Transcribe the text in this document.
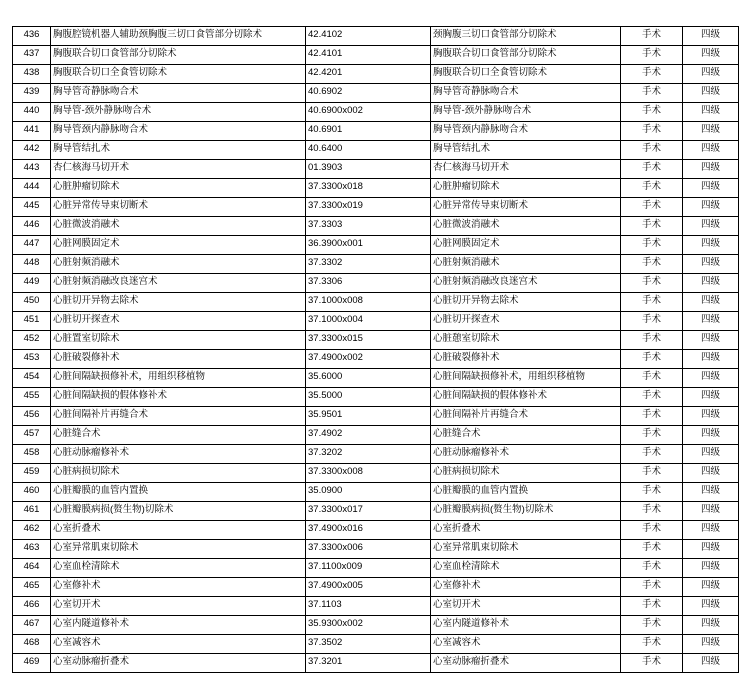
436	胸腹腔镜机器人辅助颈胸腹三切口食管部分切除术	42.4102	颈胸腹三切口食管部分切除术	手术	四级
437	胸腹联合切口食管部分切除术	42.4101	胸腹联合切口食管部分切除术	手术	四级
438	胸腹联合切口全食管切除术	42.4201	胸腹联合切口全食管切除术	手术	四级
439	胸导管奇静脉吻合术	40.6902	胸导管奇静脉吻合术	手术	四级
440	胸导管-颈外静脉吻合术	40.6900x002	胸导管-颈外静脉吻合术	手术	四级
441	胸导管颈内静脉吻合术	40.6901	胸导管颈内静脉吻合术	手术	四级
442	胸导管结扎术	40.6400	胸导管结扎术	手术	四级
443	杏仁核海马切开术	01.3903	杏仁核海马切开术	手术	四级
444	心脏肿瘤切除术	37.3300x018	心脏肿瘤切除术	手术	四级
445	心脏异常传导束切断术	37.3300x019	心脏异常传导束切断术	手术	四级
446	心脏微波消融术	37.3303	心脏微波消融术	手术	四级
447	心脏网膜固定术	36.3900x001	心脏网膜固定术	手术	四级
448	心脏射频消融术	37.3302	心脏射频消融术	手术	四级
449	心脏射频消融改良迷宫术	37.3306	心脏射频消融改良迷宫术	手术	四级
450	心脏切开异物去除术	37.1000x008	心脏切开异物去除术	手术	四级
451	心脏切开探查术	37.1000x004	心脏切开探查术	手术	四级
452	心脏置室切除术	37.3300x015	心脏憩室切除术	手术	四级
453	心脏破裂修补术	37.4900x002	心脏破裂修补术	手术	四级
454	心脏间隔缺损修补术，用组织移植物	35.6000	心脏间隔缺损修补术，用组织移植物	手术	四级
455	心脏间隔缺损的假体修补术	35.5000	心脏间隔缺损的假体修补术	手术	四级
456	心脏间隔补片再缝合术	35.9501	心脏间隔补片再缝合术	手术	四级
457	心脏缝合术	37.4902	心脏缝合术	手术	四级
458	心脏动脉瘤修补术	37.3202	心脏动脉瘤修补术	手术	四级
459	心脏病损切除术	37.3300x008	心脏病损切除术	手术	四级
460	心脏瓣膜的血管内置换	35.0900	心脏瓣膜的血管内置换	手术	四级
461	心脏瓣膜病损(赘生物)切除术	37.3300x017	心脏瓣膜病损(赘生物)切除术	手术	四级
462	心室折叠术	37.4900x016	心室折叠术	手术	四级
463	心室异常肌束切除术	37.3300x006	心室异常肌束切除术	手术	四级
464	心室血栓清除术	37.1100x009	心室血栓清除术	手术	四级
465	心室修补术	37.4900x005	心室修补术	手术	四级
466	心室切开术	37.1103	心室切开术	手术	四级
467	心室内隧道修补术	35.9300x002	心室内隧道修补术	手术	四级
468	心室减容术	37.3502	心室减容术	手术	四级
469	心室动脉瘤折叠术	37.3201	心室动脉瘤折叠术	手术	四级
